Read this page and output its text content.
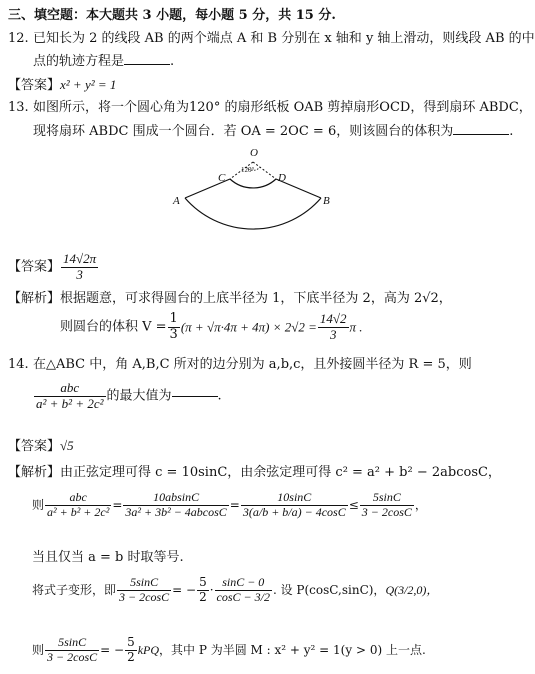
三、填空题：本大题共 3 小题，每小题 5 分，共 15 分.
12. 已知长为 2 的线段 AB 的两个端点 A 和 B 分别在 x 轴和 y 轴上滑动，则线段 AB 的中
点的轨迹方程是	.
【答案】x² + y² = 1
13. 如图所示，将一个圆心角为120° 的扇形纸板 OAB 剪掉扇形OCD，得到扇环 ABDC，
现将扇环 ABDC 围成一个圆台．若 OA = 2OC = 6，则该圆台的体积为	.
O
120°
A	B
C	D
【答案】 $\frac{14√2\pi}{3}$
【解析】根据题意，可求得圆台的上底半径为 1，下底半径为 2，高为 2√2，
则圆台的体积 $V = \frac{1}{3} (\pi + √\pi\cdot 4\pi + 4\pi) \times 2√2 = \frac{14√2}{3}$ π .
14. 在△ABC 中，角 A,B,C 所对的边分别为 a,b,c，且外接圆半径为 R = 5，则
$\frac{\text{abc}}{\text{a² + b² + 2c²}}$ 的最大值为	.
【答案】√5
【解析】由正弦定理可得 c = 10sinC，由余弦定理可得 c² = a² + b² − 2abcosC，
则 $\frac{\text{abc}}{\text{a² + b² + 2c²}} = \frac{10absinC}{\text{3a² + 3b² − 4abcosC}} = \frac{10\sin C}{3(a/b + b/a) - 4\cos C} \le \frac{5\sin C}{3 - 2\cos C}$ ，
当且仅当 a = b 时取等号.
将式子变形，即 $\frac{5\sin C}{3 - 2\cos C}$ = − $\frac{5}{2} \cdot \frac{\sin C - 0}{\cos C - 3/2}$ . 设 P(cosC,sinC)，Q(3/2,0)，
则 $\frac{5\sin C}{3 - 2\cos C}$ = − $\frac{5}{2}$ kPQ，其中 P 为半圆 M : x² + y² = 1(y > 0) 上一点.
